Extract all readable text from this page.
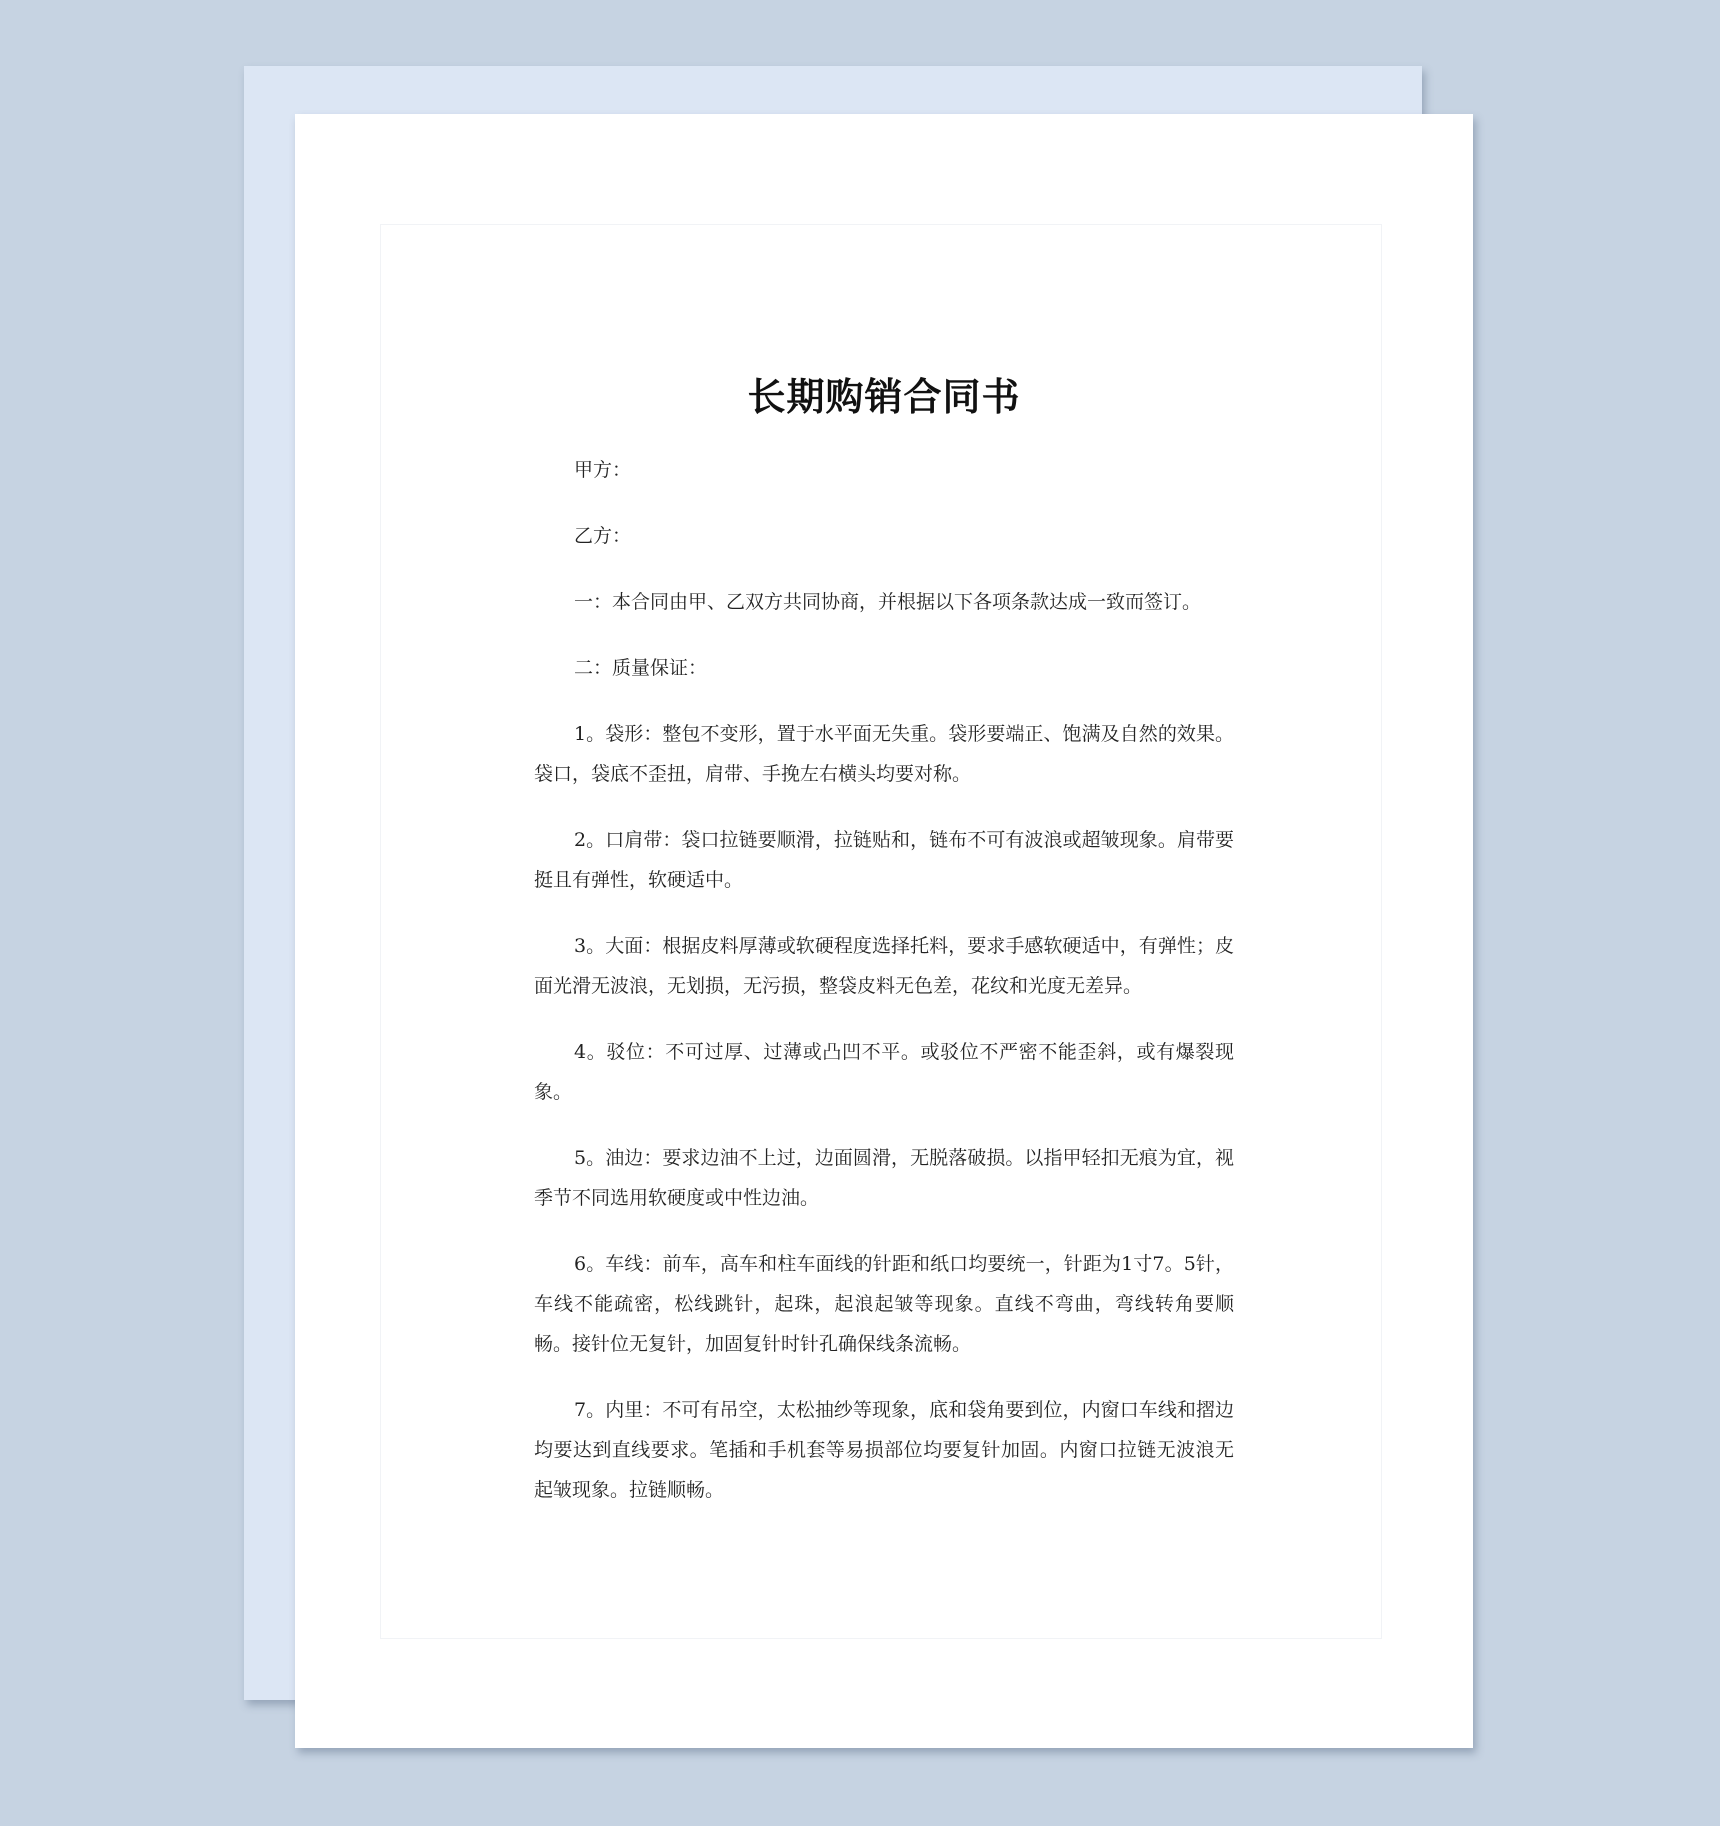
长期购销合同书

甲方：

乙方：

一：本合同由甲、乙双方共同协商，并根据以下各项条款达成一致而签订。

二：质量保证：

1。袋形：整包不变形，置于水平面无失重。袋形要端正、饱满及自然的效果。袋口，袋底不歪扭，肩带、手挽左右横头均要对称。

2。口肩带：袋口拉链要顺滑，拉链贴和，链布不可有波浪或超皱现象。肩带要挺且有弹性，软硬适中。

3。大面：根据皮料厚薄或软硬程度选择托料，要求手感软硬适中，有弹性；皮面光滑无波浪，无划损，无污损，整袋皮料无色差，花纹和光度无差异。

4。驳位：不可过厚、过薄或凸凹不平。或驳位不严密不能歪斜，或有爆裂现象。

5。油边：要求边油不上过，边面圆滑，无脱落破损。以指甲轻扣无痕为宜，视季节不同选用软硬度或中性边油。

6。车线：前车，高车和柱车面线的针距和纸口均要统一，针距为1寸7。5针，车线不能疏密，松线跳针，起珠，起浪起皱等现象。直线不弯曲，弯线转角要顺畅。接针位无复针，加固复针时针孔确保线条流畅。

7。内里：不可有吊空，太松抽纱等现象，底和袋角要到位，内窗口车线和摺边均要达到直线要求。笔插和手机套等易损部位均要复针加固。内窗口拉链无波浪无起皱现象。拉链顺畅。
